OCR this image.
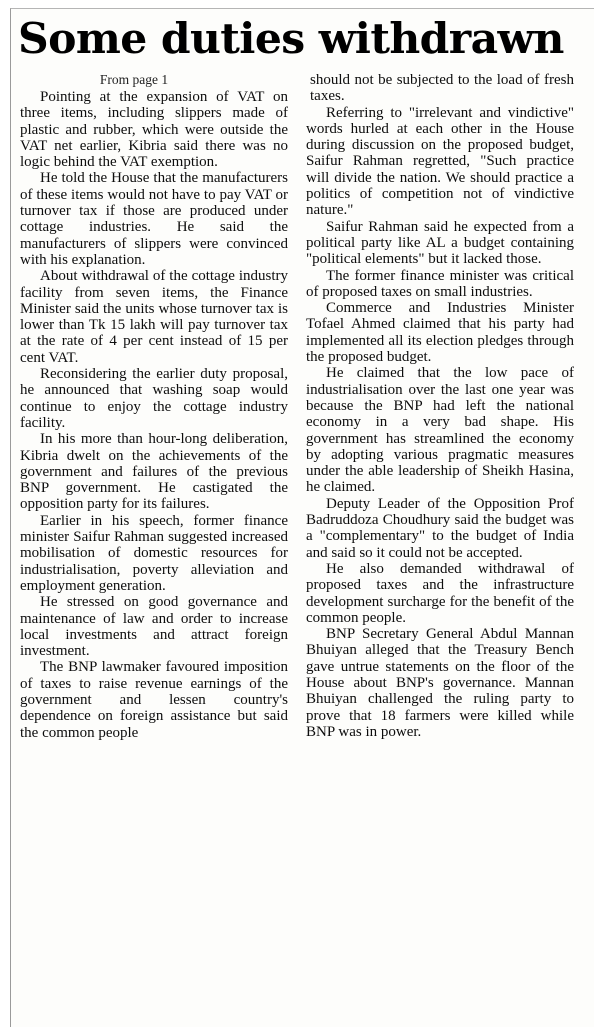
Some duties withdrawn
From page 1

Pointing at the expansion of VAT on three items, including slippers made of plastic and rubber, which were outside the VAT net earlier, Kibria said there was no logic behind the VAT exemption.

He told the House that the manufacturers of these items would not have to pay VAT or turnover tax if those are produced under cottage industries. He said the manufacturers of slippers were convinced with his explanation.

About withdrawal of the cottage industry facility from seven items, the Finance Minister said the units whose turnover tax is lower than Tk 15 lakh will pay turnover tax at the rate of 4 per cent instead of 15 per cent VAT.

Reconsidering the earlier duty proposal, he announced that washing soap would continue to enjoy the cottage industry facility.

In his more than hour-long deliberation, Kibria dwelt on the achievements of the government and failures of the previous BNP government. He castigated the opposition party for its failures.

Earlier in his speech, former finance minister Saifur Rahman suggested increased mobilisation of domestic resources for industrialisation, poverty alleviation and employment generation.

He stressed on good governance and maintenance of law and order to increase local investments and attract foreign investment.

The BNP lawmaker favoured imposition of taxes to raise revenue earnings of the government and lessen country's dependence on foreign assistance but said the common people

should not be subjected to the load of fresh taxes.

Referring to "irrelevant and vindictive" words hurled at each other in the House during discussion on the proposed budget, Saifur Rahman regretted, "Such practice will divide the nation. We should practice a politics of competition not of vindictive nature."

Saifur Rahman said he expected from a political party like AL a budget containing "political elements" but it lacked those.

The former finance minister was critical of proposed taxes on small industries.

Commerce and Industries Minister Tofael Ahmed claimed that his party had implemented all its election pledges through the proposed budget.

He claimed that the low pace of industrialisation over the last one year was because the BNP had left the national economy in a very bad shape. His government has streamlined the economy by adopting various pragmatic measures under the able leadership of Sheikh Hasina, he claimed.

Deputy Leader of the Opposition Prof Badruddoza Choudhury said the budget was a "complementary" to the budget of India and said so it could not be accepted.

He also demanded withdrawal of proposed taxes and the infrastructure development surcharge for the benefit of the common people.

BNP Secretary General Abdul Mannan Bhuiyan alleged that the Treasury Bench gave untrue statements on the floor of the House about BNP's governance. Mannan Bhuiyan challenged the ruling party to prove that 18 farmers were killed while BNP was in power.
